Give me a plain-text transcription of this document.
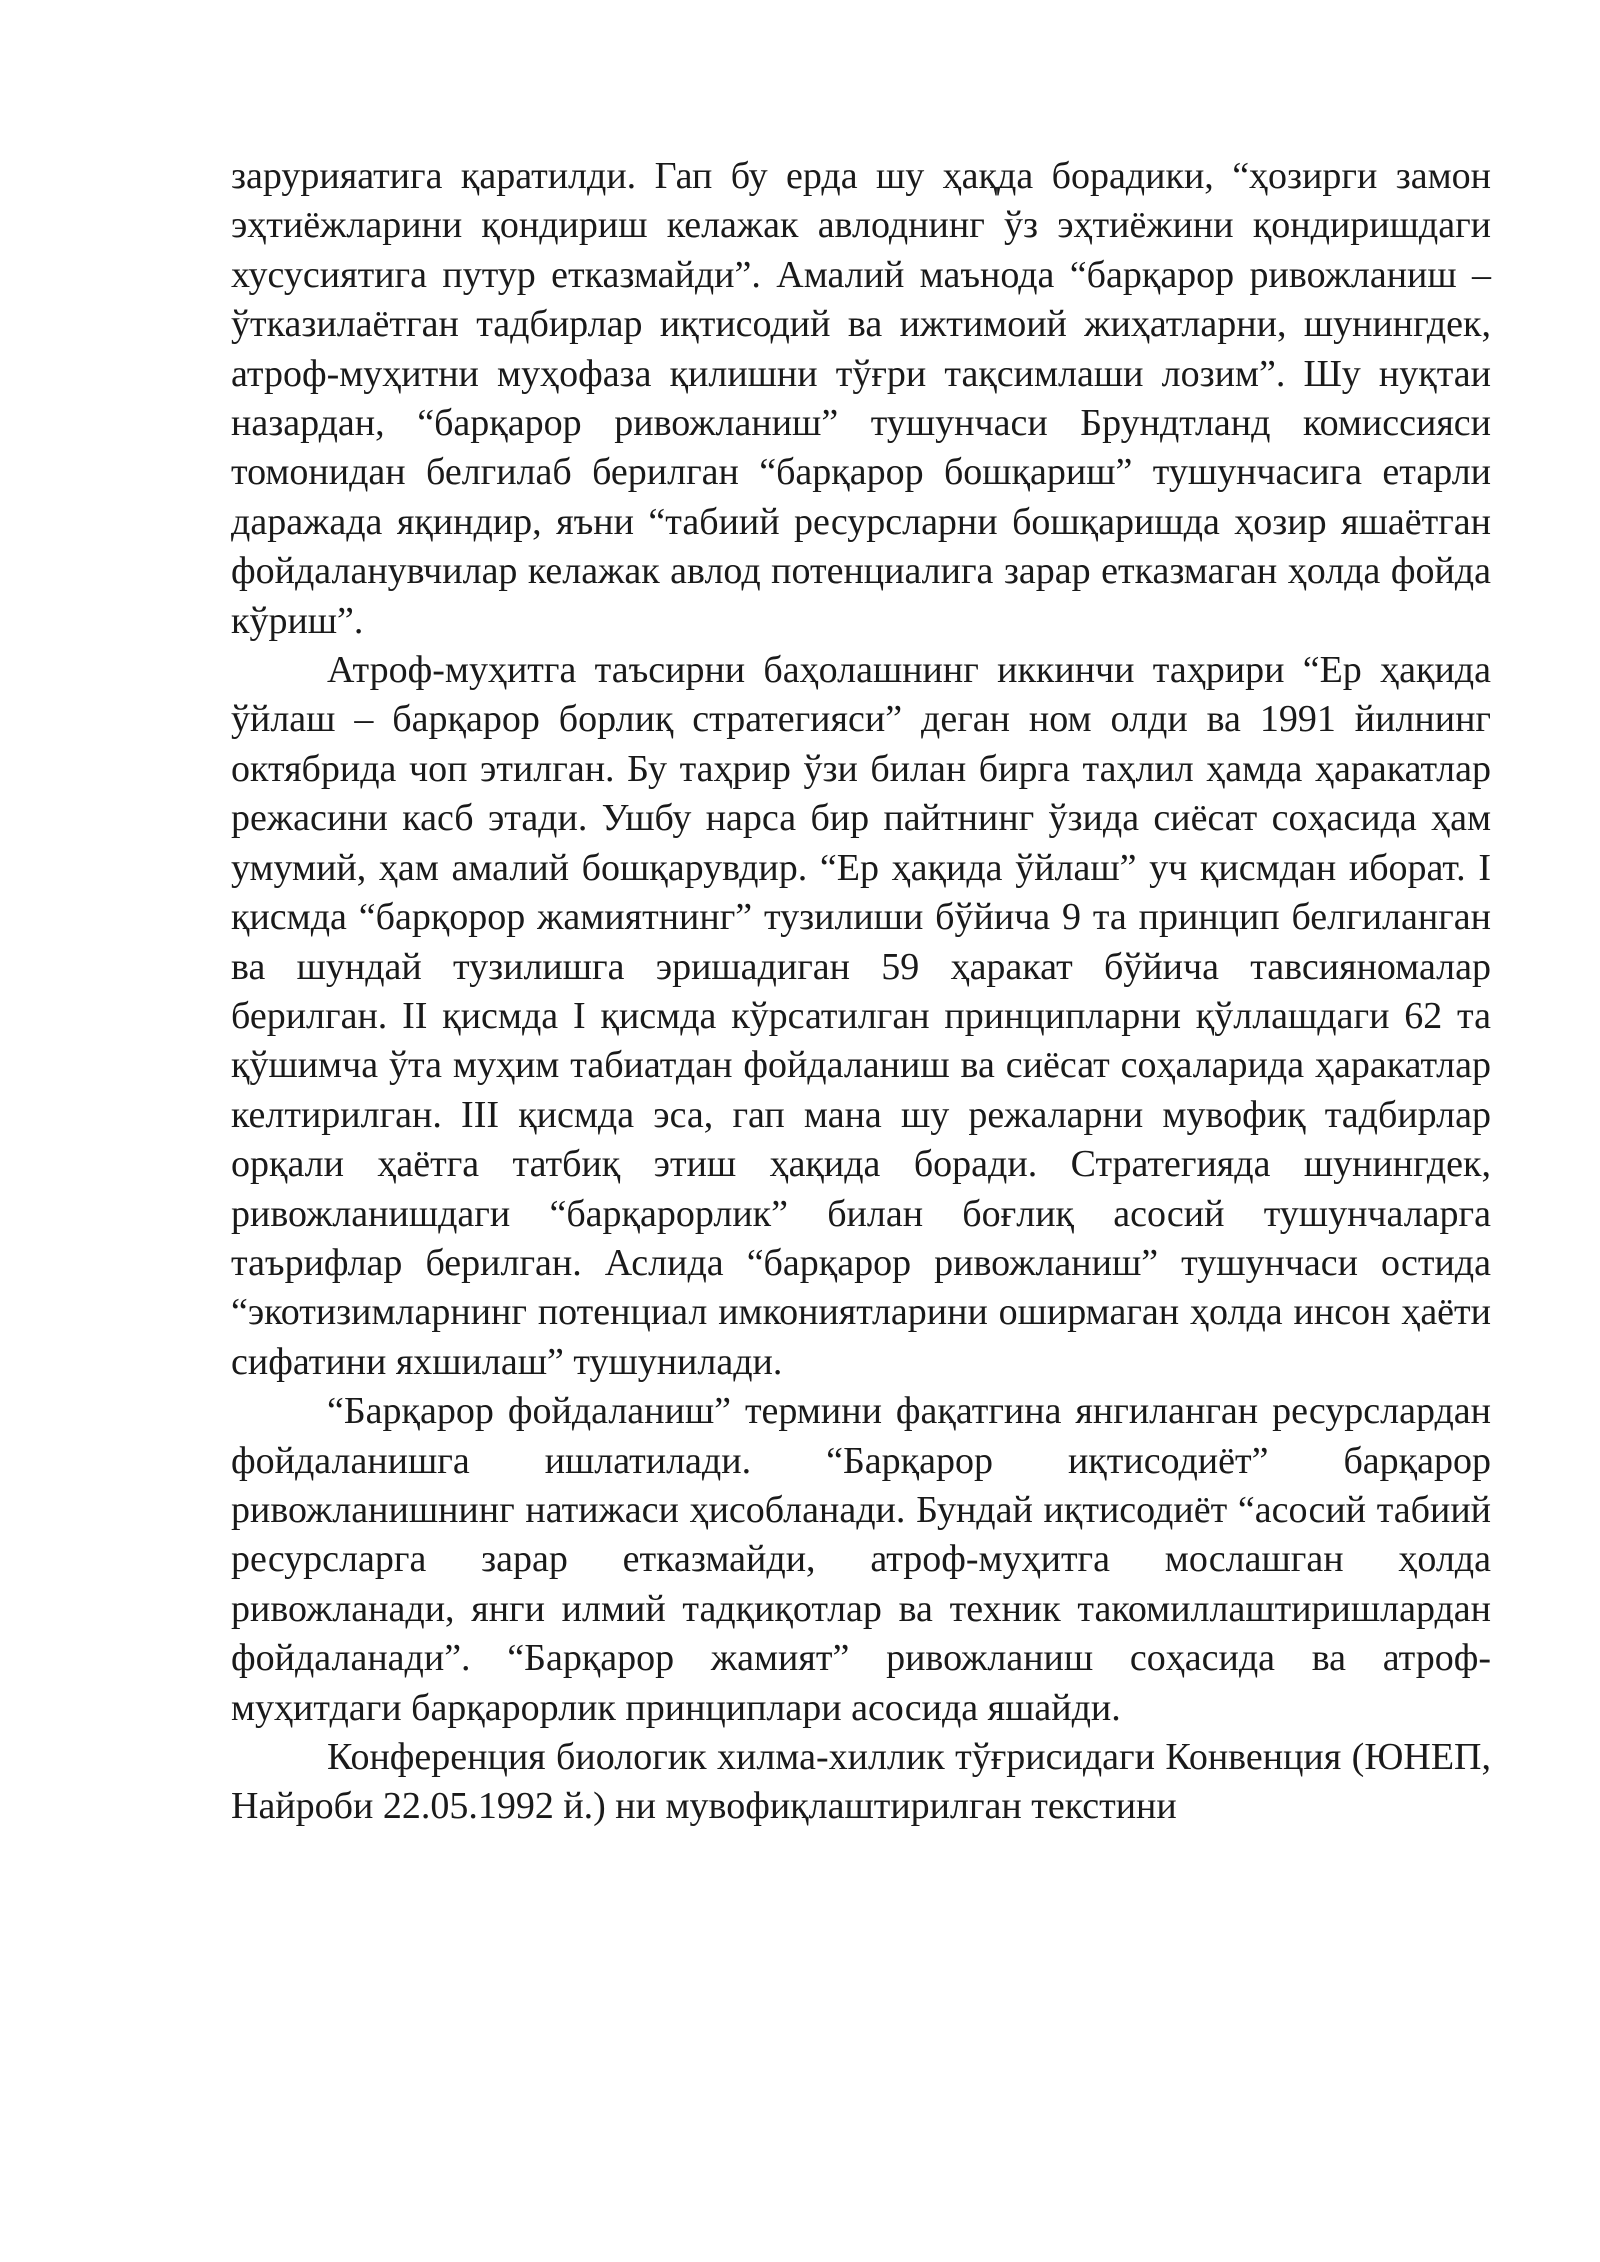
зарурияатига қаратилди. Гап бу ерда шу ҳақда борадики, “ҳозирги замон эҳтиёжларини қондириш келажак авлоднинг ўз эҳтиёжини қондиришдаги хусусиятига путур етказмайди”. Амалий маънода “барқарор ривожланиш – ўтказилаётган тадбирлар иқтисодий ва ижтимоий жиҳатларни, шунингдек, атроф-муҳитни муҳофаза қилишни тўғри тақсимлаши лозим”. Шу нуқтаи назардан, “барқарор ривожланиш” тушунчаси Брундтланд комиссияси томонидан белгилаб берилган “барқарор бошқариш” тушунчасига етарли даражада яқиндир, яъни “табиий ресурсларни бошқаришда ҳозир яшаётган фойдаланувчилар келажак авлод потенциалига зарар етказмаган ҳолда фойда кўриш”.

Атроф-муҳитга таъсирни баҳолашнинг иккинчи таҳрири “Ер ҳақида ўйлаш – барқарор борлиқ стратегияси” деган ном олди ва 1991 йилнинг октябрида чоп этилган. Бу таҳрир ўзи билан бирга таҳлил ҳамда ҳаракатлар режасини касб этади. Ушбу нарса бир пайтнинг ўзида сиёсат соҳасида ҳам умумий, ҳам амалий бошқарувдир. “Ер ҳақида ўйлаш” уч қисмдан иборат. I қисмда “барқорор жамиятнинг” тузилиши бўйича 9 та принцип белгиланган ва шундай тузилишга эришадиган 59 ҳаракат бўйича тавсияномалар берилган. II қисмда I қисмда кўрсатилган принципларни қўллашдаги 62 та қўшимча ўта муҳим табиатдан фойдаланиш ва сиёсат соҳаларида ҳаракатлар келтирилган. III қисмда эса, гап мана шу режаларни мувофиқ тадбирлар орқали ҳаётга татбиқ этиш ҳақида боради. Стратегияда шунингдек, ривожланишдаги “барқарорлик” билан боғлиқ асосий тушунчаларга таърифлар берилган. Аслида “барқарор ривожланиш” тушунчаси остида “экотизимларнинг потенциал имкониятларини оширмаган ҳолда инсон ҳаёти сифатини яхшилаш” тушунилади.

“Барқарор фойдаланиш” термини фақатгина янгиланган ресурслардан фойдаланишга ишлатилади. “Барқарор иқтисодиёт” барқарор ривожланишнинг натижаси ҳисобланади. Бундай иқтисодиёт “асосий табиий ресурсларга зарар етказмайди, атроф-муҳитга мослашган ҳолда ривожланади, янги илмий тадқиқотлар ва техник такомиллаштиришлардан фойдаланади”. “Барқарор жамият” ривожланиш соҳасида ва атроф-муҳитдаги барқарорлик принциплари асосида яшайди.

Конференция биологик хилма-хиллик тўғрисидаги Конвенция (ЮНЕП, Найроби 22.05.1992 й.) ни мувофиқлаштирилган текстини
